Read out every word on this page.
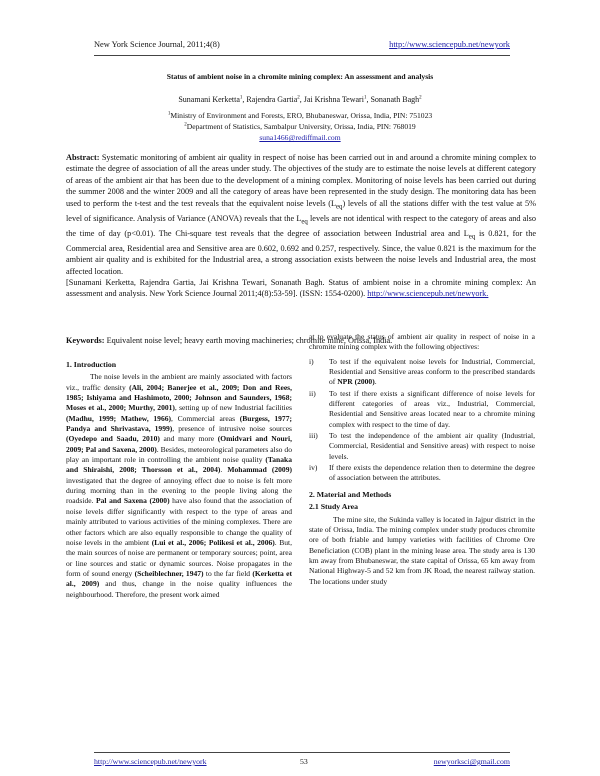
New York Science Journal, 2011;4(8)	http://www.sciencepub.net/newyork
Status of ambient noise in a chromite mining complex: An assessment and analysis
Sunamani Kerketta$^1$, Rajendra Gartia$^2$, Jai Krishna Tewari$^1$, Sonanath Bagh$^2$
$^1$Ministry of Environment and Forests, ERO, Bhubaneswar, Orissa, India, PIN: 751023
$^2$Department of Statistics, Sambalpur University, Orissa, India, PIN: 768019
suna1466@rediffmail.com
Abstract: Systematic monitoring of ambient air quality in respect of noise has been carried out in and around a chromite mining complex to estimate the degree of association of all the areas under study. The objectives of the study are to estimate the noise levels at different category of areas of the ambient air that has been due to the development of a mining complex. Monitoring of noise levels has been carried out during the summer 2008 and the winter 2009 and all the category of areas have been represented in the study design. The monitoring data has been used to perform the t-test and the test reveals that the equivalent noise levels $(L_{eq})$ levels of all the stations differ with the test value at 5% level of significance. Analysis of Variance (ANOVA) reveals that the $L_{eq}$ levels are not identical with respect to the category of areas and also the time of day (p<0.01). The Chi-square test reveals that the degree of association between Industrial area and $L_{eq}$ is 0.821, for the Commercial area, Residential area and Sensitive area are 0.602, 0.692 and 0.257, respectively. Since, the value 0.821 is the maximum for the ambient air quality and is exhibited for the Industrial area, a strong association exists between the noise levels and Industrial area, the most affected location.
[Sunamani Kerketta, Rajendra Gartia, Jai Krishna Tewari, Sonanath Bagh. Status of ambient noise in a chromite mining complex: An assessment and analysis. New York Science Journal 2011;4(8):53-59]. (ISSN: 1554-0200). http://www.sciencepub.net/newyork.
Keywords: Equivalent noise level; heavy earth moving machineries; chromite mine, Orissa, India.
1. Introduction
The noise levels in the ambient are mainly associated with factors viz., traffic density (Ali, 2004; Banerjee et al., 2009; Don and Rees, 1985; Ishiyama and Hashimoto, 2000; Johnson and Saunders, 1968; Moses et al., 2000; Murthy, 2001), setting up of new Industrial facilities (Madhu, 1999; Mathew, 1966), Commercial areas (Burgess, 1977; Pandya and Shrivastava, 1999), presence of intrusive noise sources (Oyedepo and Saadu, 2010) and many more (Omidvari and Nouri, 2009; Pal and Saxena, 2000). Besides, meteorological parameters also do play an important role in controlling the ambient noise quality (Tanaka and Shiraishi, 2008; Thorsson et al., 2004). Mohammad (2009) investigated that the degree of annoying effect due to noise is felt more during morning than in the evening to the people living along the roadside. Pal and Saxena (2000) have also found that the association of noise levels differ significantly with respect to the type of areas and mainly attributed to various activities of the mining complexes. There are other factors which are also equally responsible to change the quality of noise levels in the ambient (Lui et al., 2006; Polikesi et al., 2006). But, the main sources of noise are permanent or temporary sources; point, area or line sources and static or dynamic sources. Noise propagates in the form of sound energy (Scheiblechner, 1947) to the far field (Kerketta et al., 2009) and thus, change in the noise quality influences the neighbourhood. Therefore, the present work aimed

at to evaluate the status of ambient air quality in respect of noise in a chromite mining complex with the following objectives:

i) To test if the equivalent noise levels for Industrial, Commercial, Residential and Sensitive areas conform to the prescribed standards of NPR (2000).
ii) To test if there exists a significant difference of noise levels for different categories of areas viz., Industrial, Commercial, Residential and Sensitive areas located near to a chromite mining complex with respect to the time of day.
iii) To test the independence of the ambient air quality (Industrial, Commercial, Residential and Sensitive areas) with respect to noise levels.
iv) If there exists the dependence relation then to determine the degree of association between the attributes.
2. Material and Methods
2.1 Study Area

The mine site, the Sukinda valley is located in Jajpur district in the state of Orissa, India. The mining complex under study produces chromite ore of both friable and lumpy varieties with facilities of Chrome Ore Beneficiation (COB) plant in the mining lease area. The study area is 130 km away from Bhubaneswar, the state capital of Orissa, 65 km away from National Highway-5 and 52 km from JK Road, the nearest railway station. The locations under study

http://www.sciencepub.net/newyork	53	newyorksci@gmail.com
